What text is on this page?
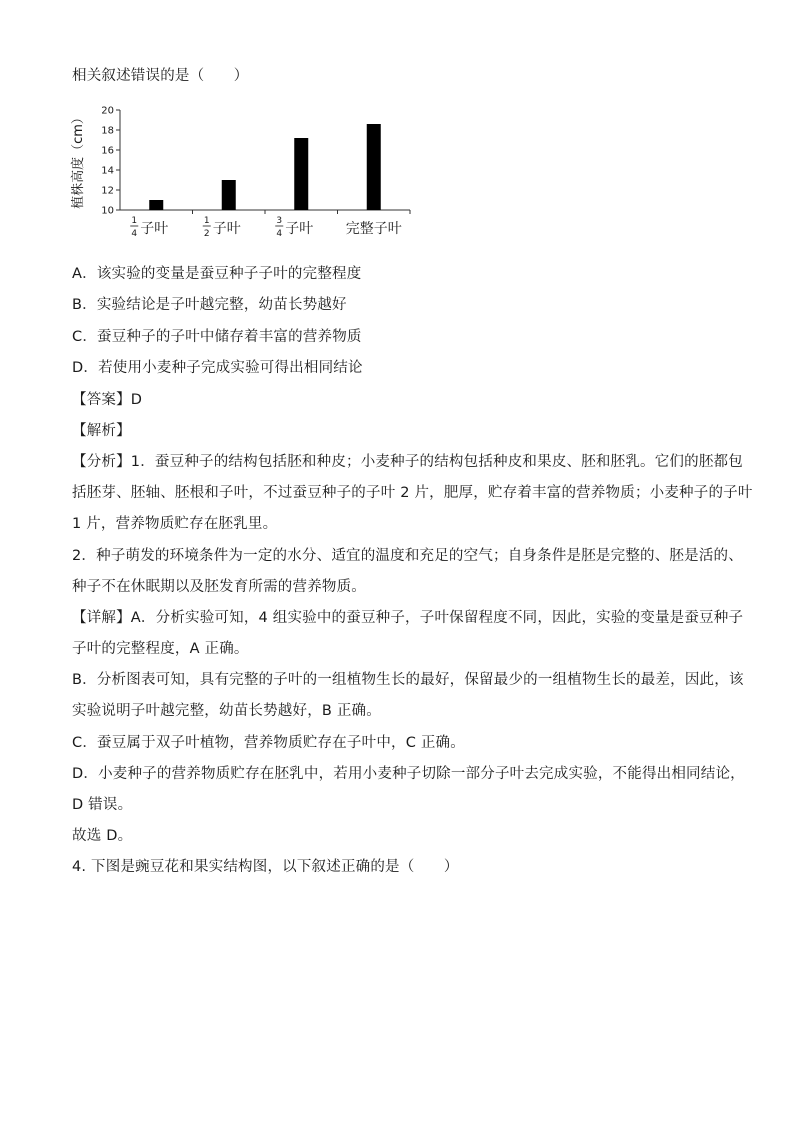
相关叙述错误的是（　　）
10
12
14
16
18
20
1
4 子叶	1
2 子叶	3
4 子叶 完整子叶
植株高度（cm）
A．该实验的变量是蚕豆种子子叶的完整程度
B．实验结论是子叶越完整，幼苗长势越好
C．蚕豆种子的子叶中储存着丰富的营养物质
D．若使用小麦种子完成实验可得出相同结论
【答案】D
【解析】
【分析】1．蚕豆种子的结构包括胚和种皮；小麦种子的结构包括种皮和果皮、胚和胚乳。它们的胚都包
括胚芽、胚轴、胚根和子叶，不过蚕豆种子的子叶 2 片，肥厚，贮存着丰富的营养物质；小麦种子的子叶
1 片，营养物质贮存在胚乳里。
2．种子萌发的环境条件为一定的水分、适宜的温度和充足的空气；自身条件是胚是完整的、胚是活的、
种子不在休眠期以及胚发育所需的营养物质。
【详解】A．分析实验可知，4 组实验中的蚕豆种子，子叶保留程度不同，因此，实验的变量是蚕豆种子
子叶的完整程度，A 正确。
B．分析图表可知，具有完整的子叶的一组植物生长的最好，保留最少的一组植物生长的最差，因此，该
实验说明子叶越完整，幼苗长势越好，B 正确。
C．蚕豆属于双子叶植物，营养物质贮存在子叶中，C 正确。
D．小麦种子的营养物质贮存在胚乳中，若用小麦种子切除一部分子叶去完成实验，不能得出相同结论，
D 错误。
故选 D。
4. 下图是豌豆花和果实结构图，以下叙述正确的是（　　）
